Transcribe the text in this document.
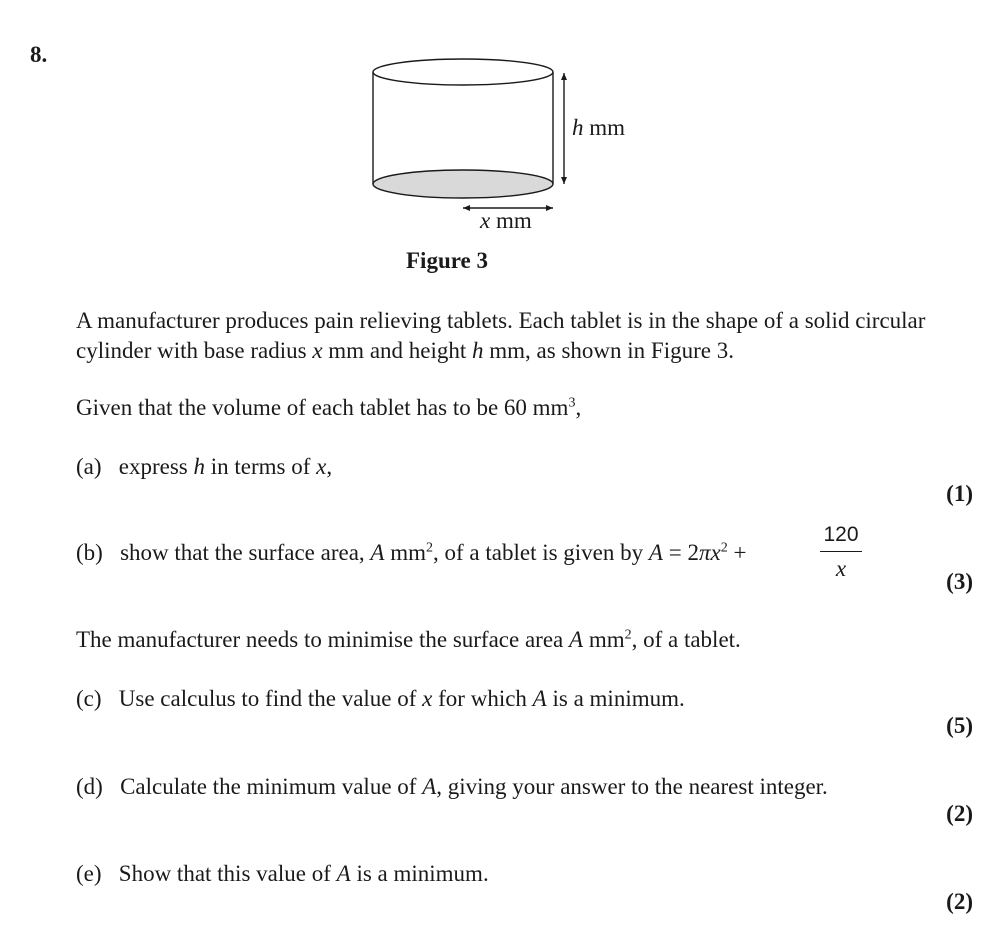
8.
h mm
x mm
Figure 3
A manufacturer produces pain relieving tablets. Each tablet is in the shape of a solid circular
cylinder with base radius x mm and height h mm, as shown in Figure 3.
Given that the volume of each tablet has to be 60 $mm^3$,
(a) express h in terms of x,
(1)
(b) show that the surface area, A $mm^2$, of a tablet is given by $A = 2\pi x^2$ +
120
x
(3)
The manufacturer needs to minimise the surface area A $mm^2$, of a tablet.
(c) Use calculus to find the value of x for which A is a minimum.
(5)
(d) Calculate the minimum value of A, giving your answer to the nearest integer.
(2)
(e) Show that this value of A is a minimum.
(2)
